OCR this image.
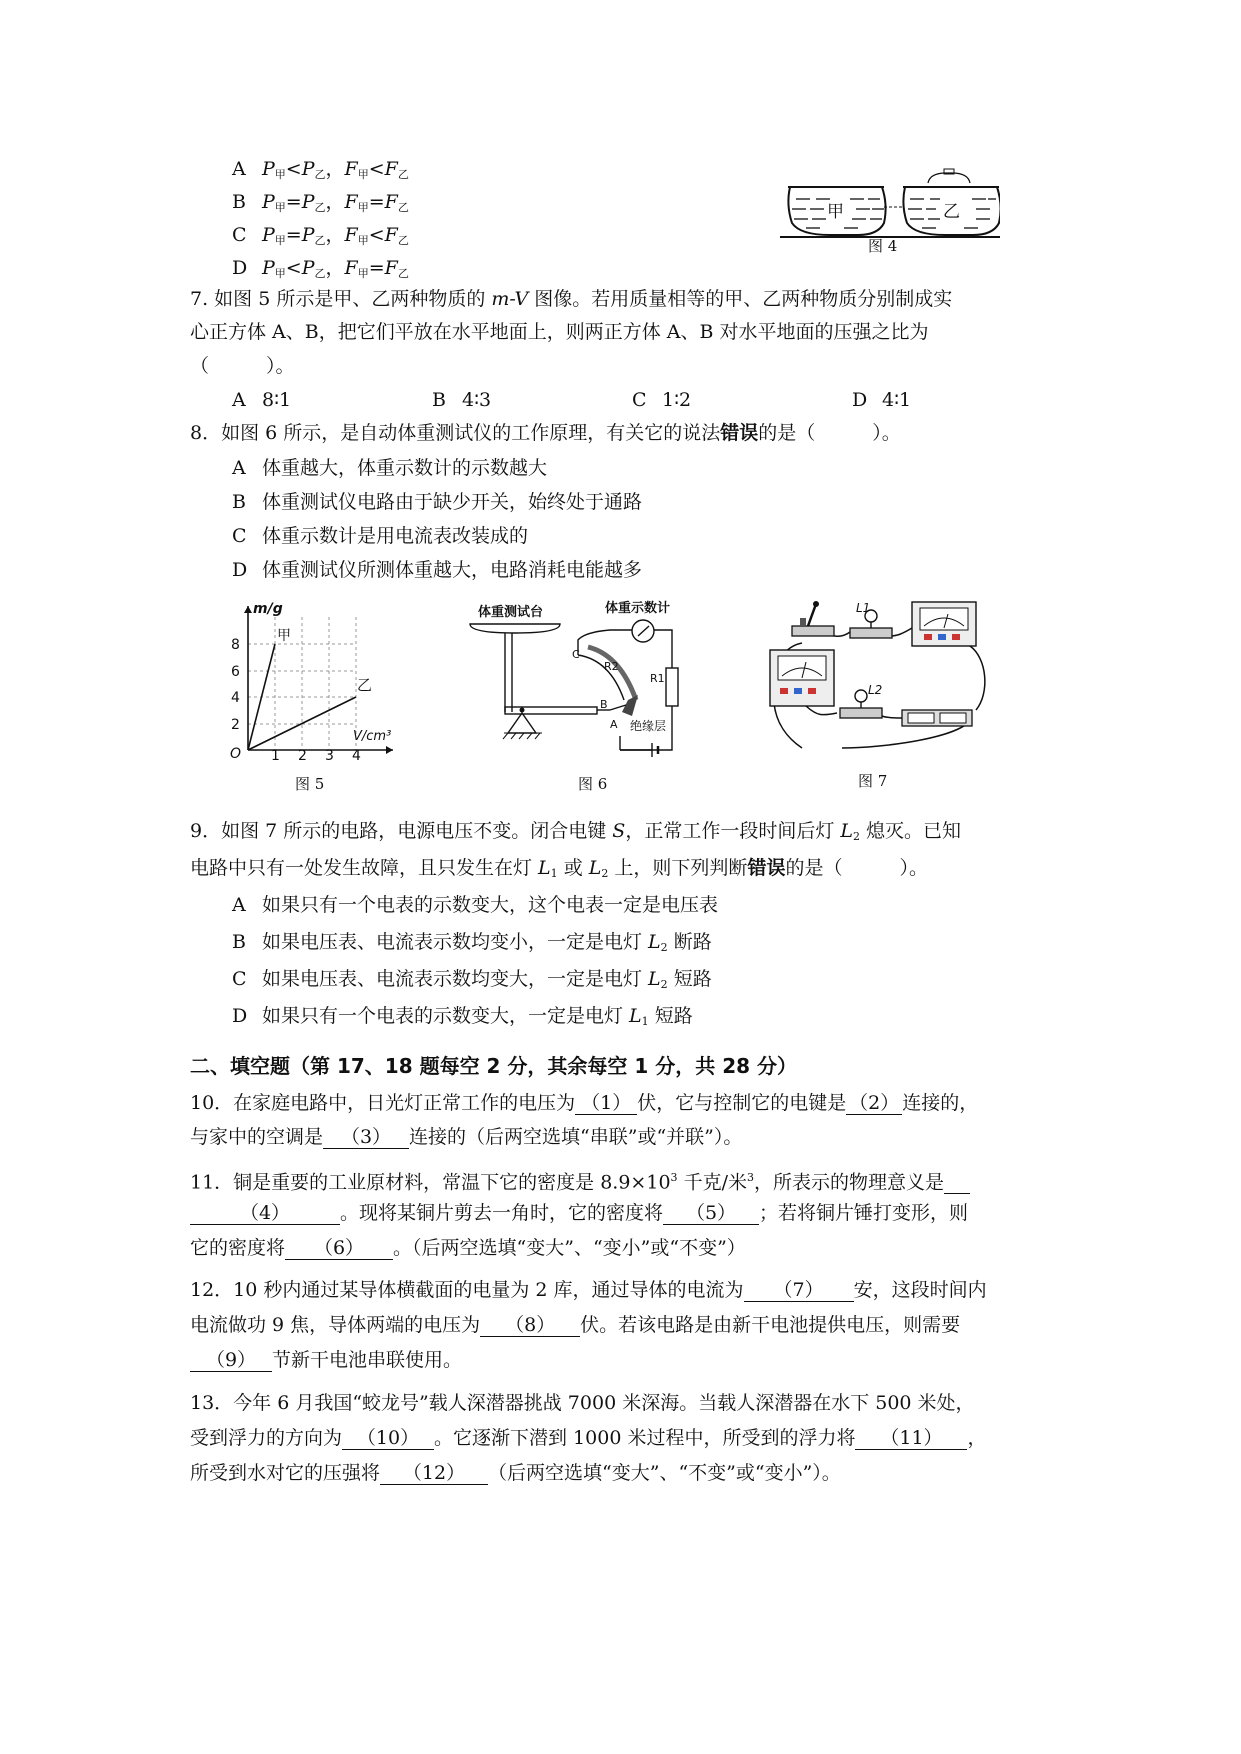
A $P_甲<P_乙$，$F_甲<F_乙$
B $P_甲=P_乙$，$F_甲=F_乙$
C $P_甲=P_乙$，$F_甲<F_乙$
D $P_甲<P_乙$，$F_甲=F_乙$
甲	乙
图 4
7. 如图 5 所示是甲、乙两种物质的 m-V 图像。若用质量相等的甲、乙两种物质分别制成实
心正方体 A、B，把它们平放在水平地面上，则两正方体 A、B 对水平地面的压强之比为
（　　　）。
A 8∶1	B 4∶3	C 1∶2	D 4∶1
8．如图 6 所示，是自动体重测试仪的工作原理，有关它的说法错误的是（　　　）。
A 体重越大，体重示数计的示数越大
B 体重测试仪电路由于缺少开关，始终处于通路
C 体重示数计是用电流表改装成的
D 体重测试仪所测体重越大，电路消耗电能越多
m/g
8
6
4
2
O 1 2 3 4
甲
乙
V/cm³
图 5
体重测试台	体重示数计
R1
R2
C
B
A 绝缘层
图 6
L1
L2
图 7
9．如图 7 所示的电路，电源电压不变。闭合电键 S，正常工作一段时间后灯 $L_2$ 熄灭。已知
电路中只有一处发生故障，且只发生在灯 $L_1$ 或 $L_2$ 上，则下列判断错误的是（　　　）。
A 如果只有一个电表的示数变大，这个电表一定是电压表
B 如果电压表、电流表示数均变小，一定是电灯 $L_2$ 断路
C 如果电压表、电流表示数均变大，一定是电灯 $L_2$ 短路
D 如果只有一个电表的示数变大，一定是电灯 $L_1$ 短路
二、填空题（第 17、18 题每空 2 分，其余每空 1 分，共 28 分）
10．在家庭电路中，日光灯正常工作的电压为 （1） 伏，它与控制它的电键是 （2） 连接的，
与家中的空调是 （3） 连接的（后两空选填“串联”或“并联”）。
11．铜是重要的工业原材料，常温下它的密度是 $8.9\times 10^3$ 千克/米$^3$，所表示的物理意义是
（4）	。现将某铜片剪去一角时，它的密度将 （5） ；若将铜片锤打变形，则
它的密度将 （6） 。（后两空选填“变大”、“变小”或“不变”）
12．10 秒内通过某导体横截面的电量为 2 库，通过导体的电流为 （7） 安，这段时间内
电流做功 9 焦，导体两端的电压为 （8） 伏。若该电路是由新干电池提供电压，则需要
（9） 节新干电池串联使用。
13．今年 6 月我国“蛟龙号”载人深潜器挑战 7000 米深海。当载人深潜器在水下 500 米处，
受到浮力的方向为 （10） 。它逐渐下潜到 1000 米过程中，所受到的浮力将 （11） ，
所受到水对它的压强将 （12） （后两空选填“变大”、“不变”或“变小”）。
